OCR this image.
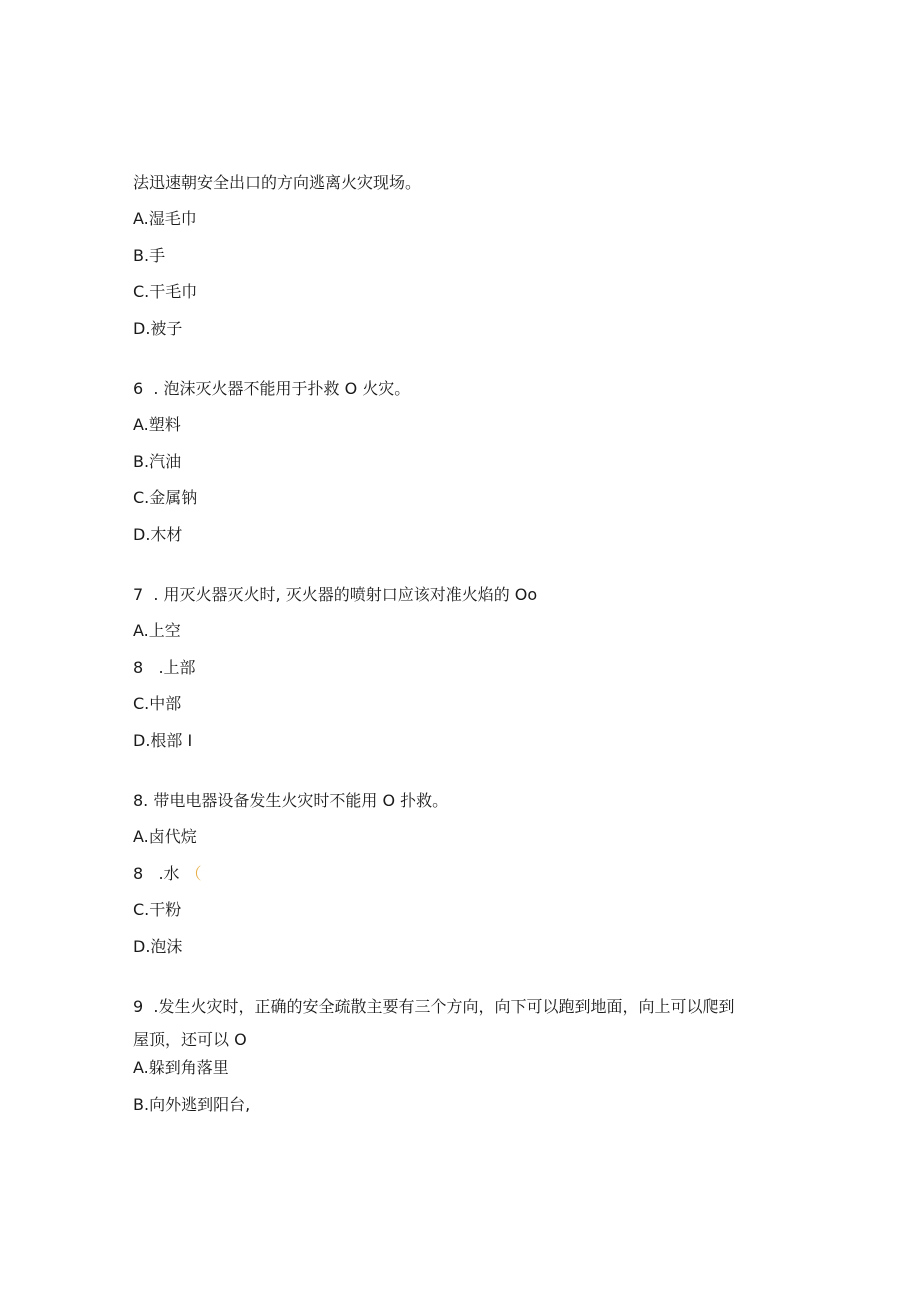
法迅速朝安全出口的方向逃离火灾现场。
A.湿毛巾
B.手
C.干毛巾
D.被子
6  . 泡沫灭火器不能用于扑救 O 火灾。
A.塑料
B.汽油
C.金属钠
D.木材
7  . 用灭火器灭火时, 灭火器的喷射口应该对准火焰的 Oo
A.上空
8   .上部
C.中部
D.根部 I
8. 带电电器设备发生火灾时不能用 O 扑救。
A.卤代烷
8   .水 （
C.干粉
D.泡沫
9  .发生火灾时，正确的安全疏散主要有三个方向，向下可以跑到地面，向上可以爬到
屋顶，还可以 O
A.躲到角落里
B.向外逃到阳台,
